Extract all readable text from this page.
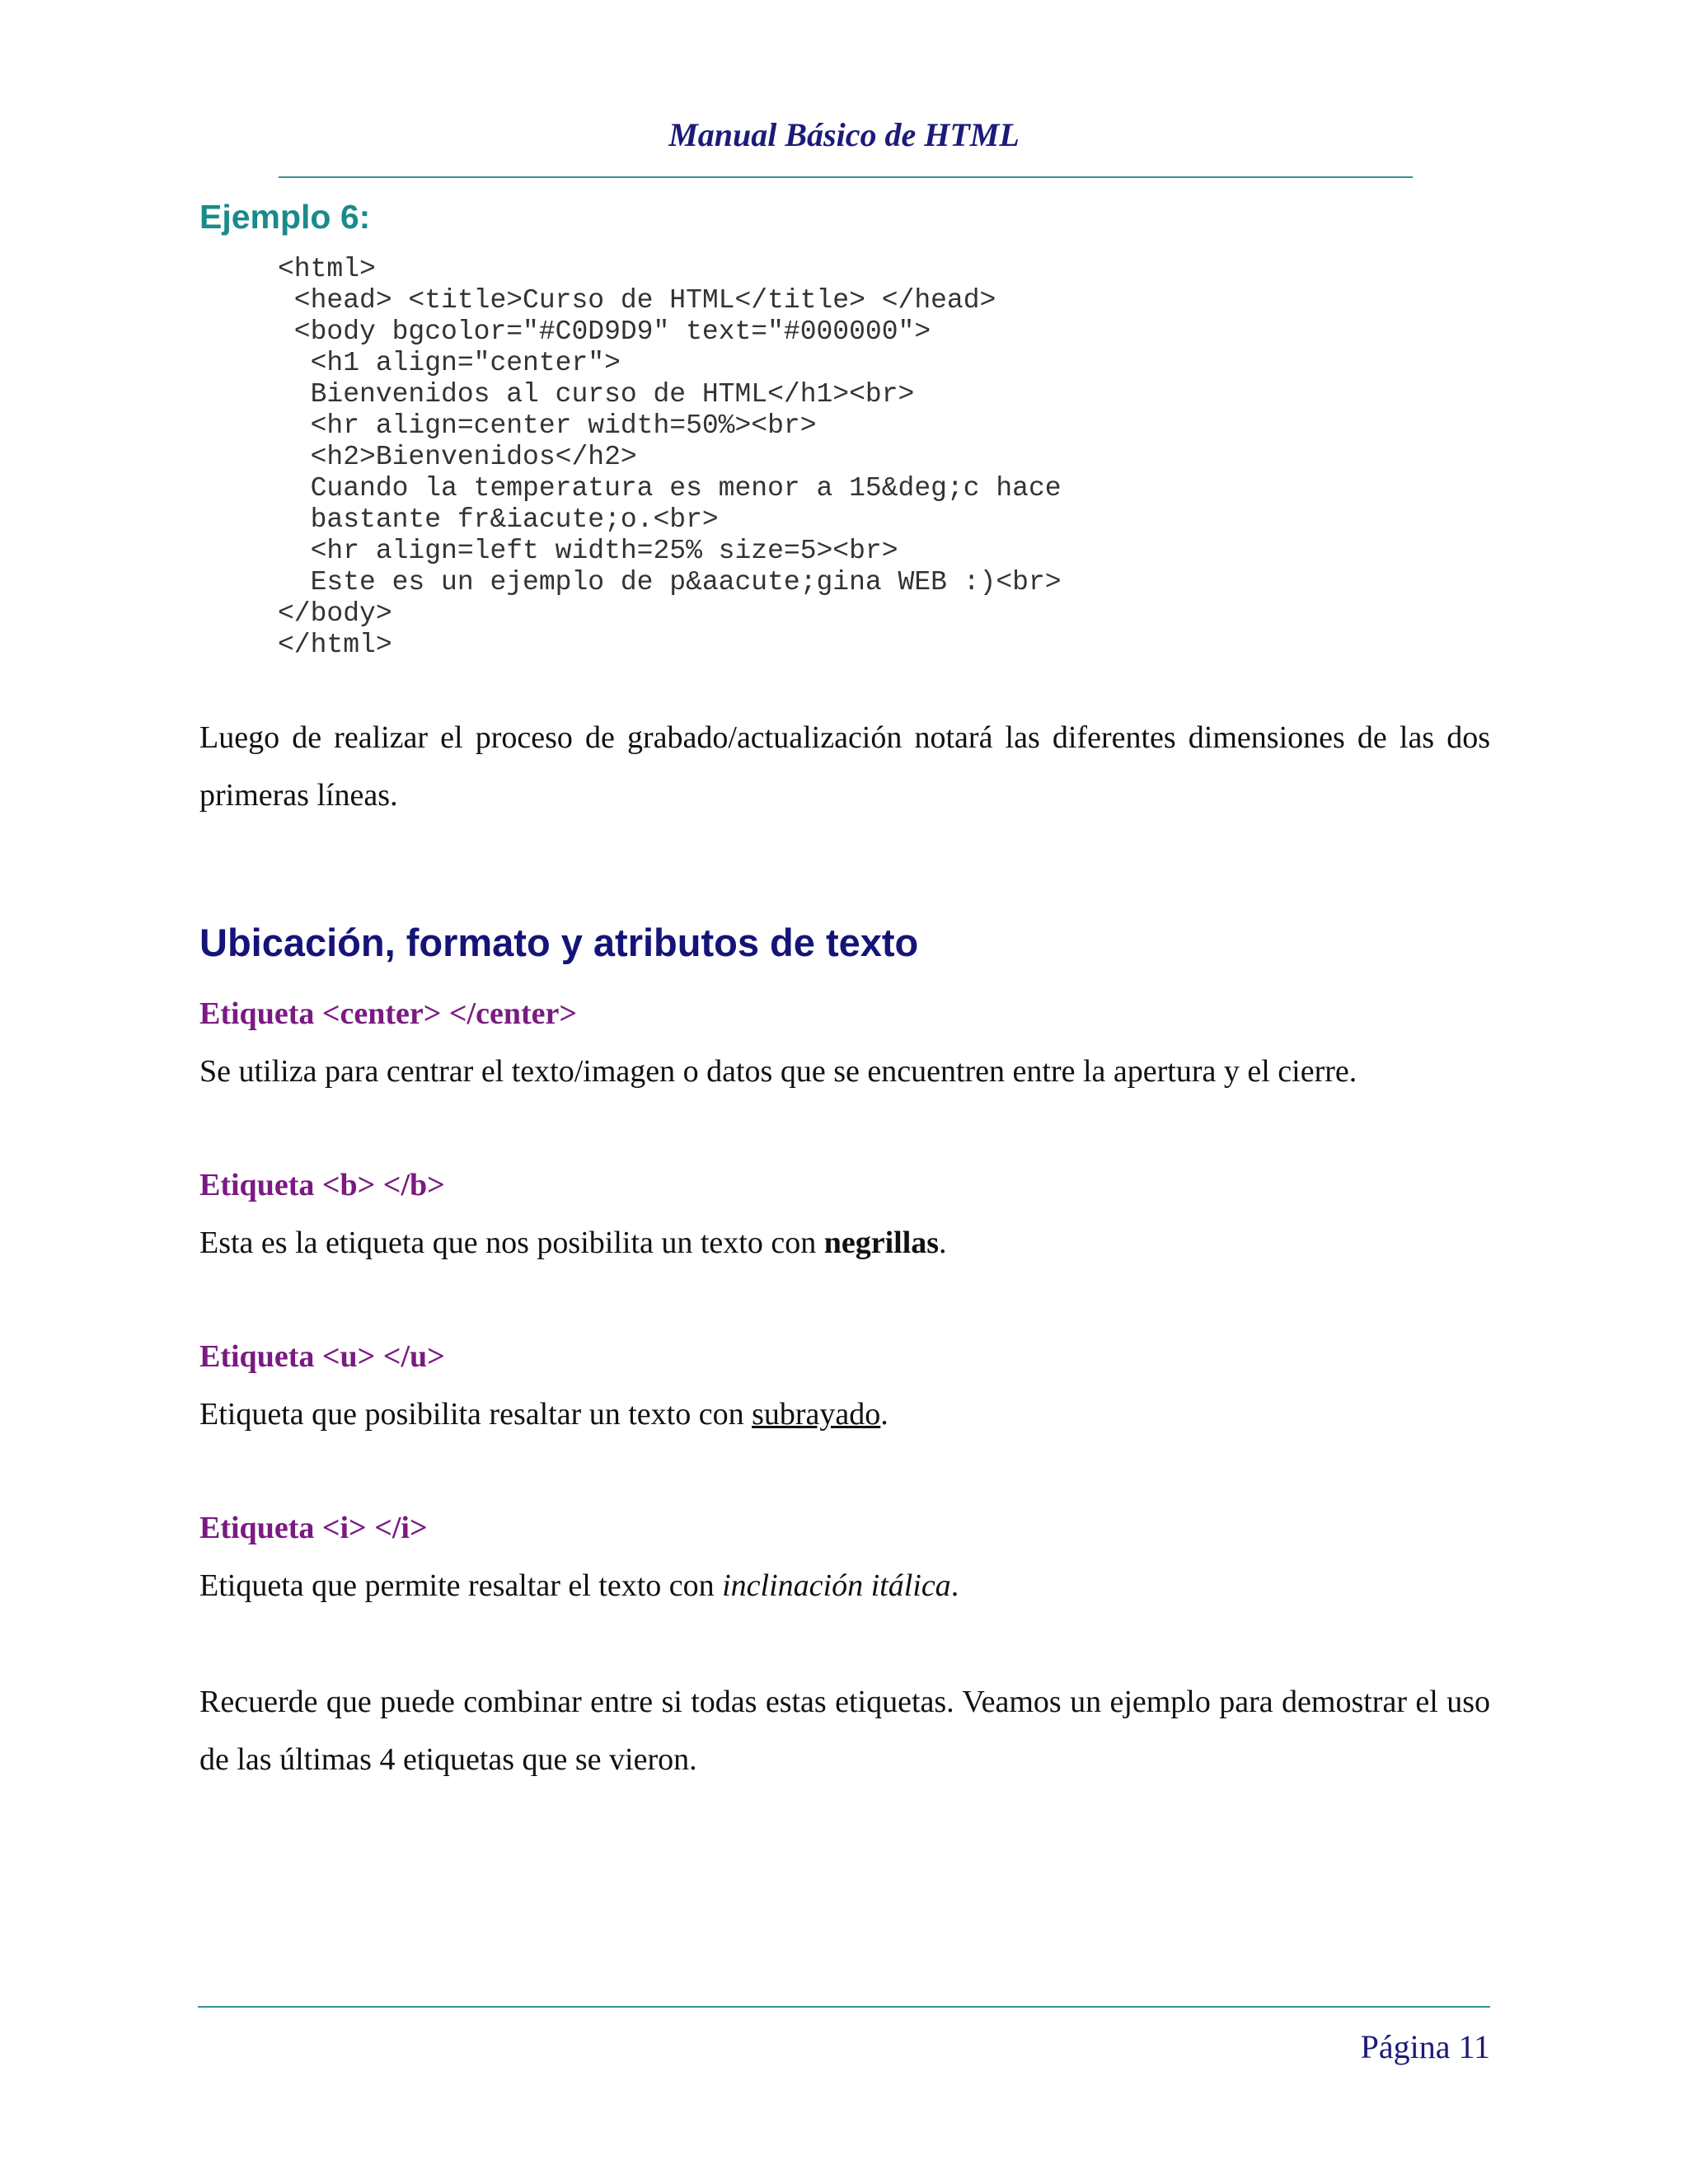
Manual Básico de HTML
Ejemplo 6:
<html>
<head> <title>Curso de HTML</title> </head>
<body bgcolor="#C0D9D9" text="#000000">
<h1 align="center">
Bienvenidos al curso de HTML</h1><br>
<hr align=center width=50%><br>
<h2>Bienvenidos</h2>
Cuando la temperatura es menor a 15&deg;c hace
bastante fr&iacute;o.<br>
<hr align=left width=25% size=5><br>
Este es un ejemplo de p&aacute;gina WEB :)<br>
</body>
</html>
Luego de realizar el proceso de grabado/actualización notará las diferentes dimensiones de las dos primeras líneas.
Ubicación, formato y atributos de texto
Etiqueta <center> </center>
Se utiliza para centrar el texto/imagen o datos que se encuentren entre la apertura y el cierre.
Etiqueta <b> </b>
Esta es la etiqueta que nos posibilita un texto con negrillas.
Etiqueta <u> </u>
Etiqueta que posibilita resaltar un texto con subrayado.
Etiqueta <i> </i>
Etiqueta que permite resaltar el texto con inclinación itálica.
Recuerde que puede combinar entre si todas estas etiquetas. Veamos un ejemplo para demostrar el uso de las últimas 4 etiquetas que se vieron.
Página 11
